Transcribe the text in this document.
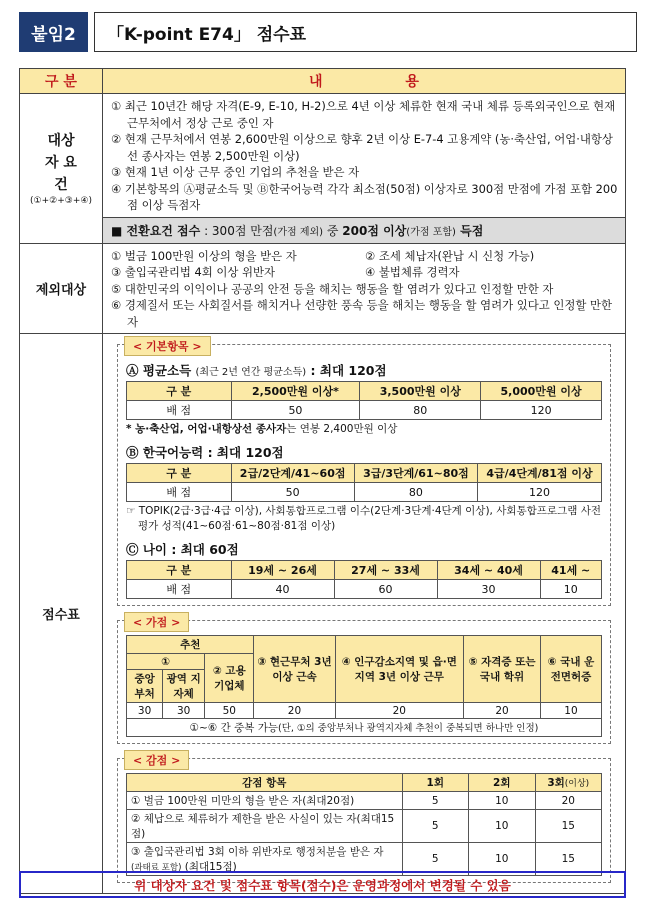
붙임2	「K-point E74」 점수표
구 분	내                 용

대상자 요건
(①+②+③+④)

① 최근 10년간 해당 자격(E-9, E-10, H-2)으로 4년 이상 체류한 현재 국내 체류 등록외국인으로 현재 근무처에서 정상 근로 중인 자
② 현재 근무처에서 연봉 2,600만원 이상으로 향후 2년 이상 E-7-4 고용계약 (농·축산업, 어업·내항상선 종사자는 연봉 2,500만원 이상)
③ 현재 1년 이상 근무 중인 기업의 추천을 받은 자
④ 기본항목의 Ⓐ평균소득 및 Ⓑ한국어능력 각각 최소점(50점) 이상자로 300점 만점에 가점 포함 200점 이상 득점자
■ 전환요건 점수 : 300점 만점(가점 제외) 중 200점 이상(가점 포함) 득점

제외대상	
① 벌금 100만원 이상의 형을 받은 자	② 조세 체납자(완납 시 신청 가능)
③ 출입국관리법 4회 이상 위반자	④ 불법체류 경력자
⑤ 대한민국의 이익이나 공공의 안전 등을 해치는 행동을 할 염려가 있다고 인정할 만한 자
⑥ 경제질서 또는 사회질서를 해치거나 선량한 풍속 등을 해치는 행동을 할 염려가 있다고 인정할 만한 자

점수표	
< 기본항목 >
Ⓐ 평균소득 (최근 2년 연간 평균소득) : 최대 120점
구 분	2,500만원 이상*	3,500만원 이상	5,000만원 이상
배 점	50	80	120
* 농·축산업, 어업·내항상선 종사자는 연봉 2,400만원 이상
Ⓑ 한국어능력 : 최대 120점
구 분	2급/2단계/41~60점	3급/3단계/61~80점	4급/4단계/81점 이상
배 점	50	80	120
☞ TOPIK(2급·3급·4급 이상), 사회통합프로그램 이수(2단계·3단계·4단계 이상), 사회통합프로그램 사전평가 성적(41~60점·61~80점·81점 이상)
Ⓒ 나이 : 최대 60점
구 분	19세 ~ 26세	27세 ~ 33세	34세 ~ 40세	41세 ~
배 점	40	60	30	10
< 가점 >
추천	③ 현근무처 3년 이상 근속	④ 인구감소지역 및 읍·면지역 3년 이상 근무	⑤ 자격증 또는 국내 학위	⑥ 국내 운전면허증
①	② 고용 기업체
중앙 부처	광역 지자체
30	30	50	20	20	20	10
①~⑥ 간 중복 가능(단, ①의 중앙부처나 광역지자체 추천이 중복되면 하나만 인정)
< 감점 >
감점 항목	1회	2회	3회(이상)
① 벌금 100만원 미만의 형을 받은 자(최대20점)	5	10	20
② 체납으로 체류허가 제한을 받은 사실이 있는 자(최대15점)	5	10	15
③ 출입국관리법 3회 이하 위반자로 행정처분을 받은 자
(과태료 포함) (최대15점)	5	10	15
위 대상자 요건 및 점수표 항목(점수)은 운영과정에서 변경될 수 있음
